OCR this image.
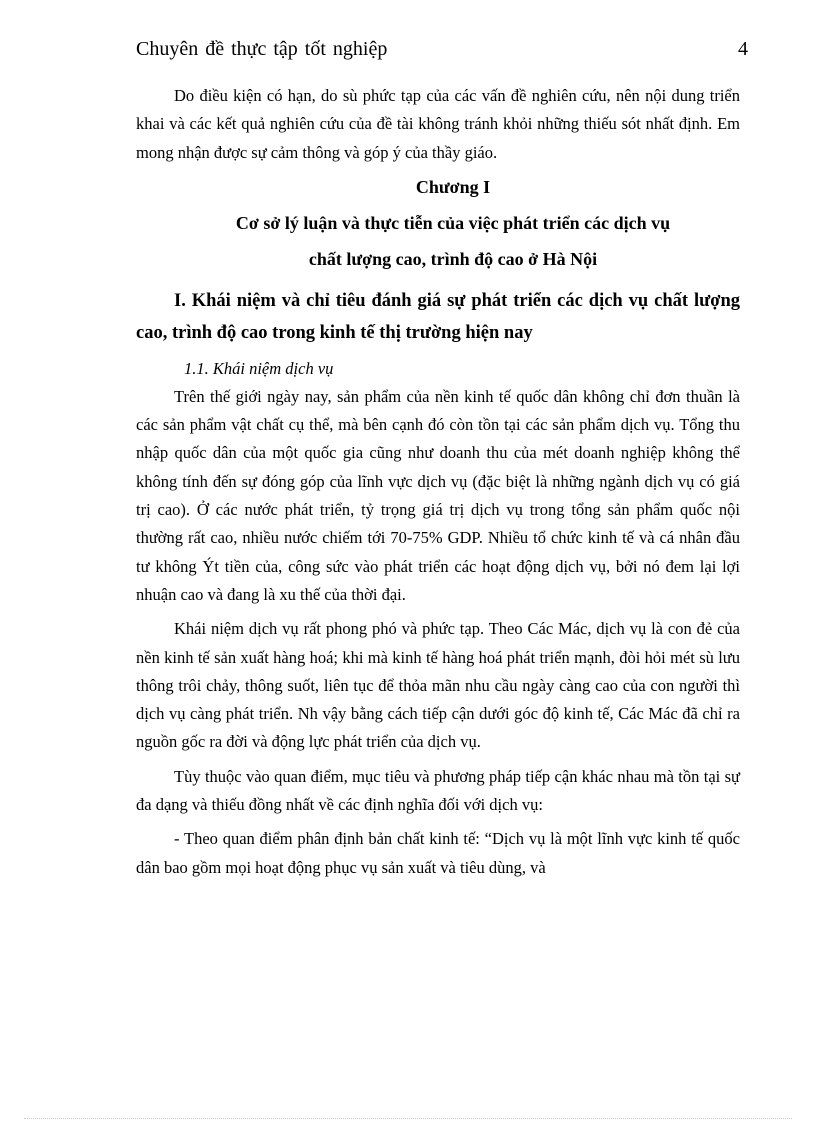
Chuyên đề thực tập tốt nghiệp	4

Do điều kiện có hạn, do sù phức tạp của các vấn đề nghiên cứu, nên nội dung triển khai và các kết quả nghiên cứu của đề tài không tránh khỏi những thiếu sót nhất định. Em mong nhận được sự cảm thông và góp ý của thầy giáo.

Chương I

Cơ sở lý luận và thực tiễn của việc phát triển các dịch vụ
chất lượng cao, trình độ cao ở Hà Nội

I. Khái niệm và chỉ tiêu đánh giá sự phát triển các dịch vụ chất lượng cao, trình độ cao trong kinh tế thị trường hiện nay

1.1. Khái niệm dịch vụ

Trên thế giới ngày nay, sản phẩm của nền kinh tế quốc dân không chỉ đơn thuần là các sản phẩm vật chất cụ thể, mà bên cạnh đó còn tồn tại các sản phẩm dịch vụ. Tổng thu nhập quốc dân của một quốc gia cũng như doanh thu của mét doanh nghiệp không thể không tính đến sự đóng góp của lĩnh vực dịch vụ (đặc biệt là những ngành dịch vụ có giá trị cao). Ở các nước phát triển, tỷ trọng giá trị dịch vụ trong tổng sản phẩm quốc nội thường rất cao, nhiều nước chiếm tới 70-75% GDP. Nhiều tổ chức kinh tế và cá nhân đầu tư không Ýt tiền của, công sức vào phát triển các hoạt động dịch vụ, bởi nó đem lại lợi nhuận cao và đang là xu thế của thời đại.

Khái niệm dịch vụ rất phong phó và phức tạp. Theo Các Mác, dịch vụ là con đẻ của nền kinh tế sản xuất hàng hoá; khi mà kinh tế hàng hoá phát triển mạnh, đòi hỏi mét sù lưu thông trôi chảy, thông suốt, liên tục để thỏa mãn nhu cầu ngày càng cao của con người thì dịch vụ càng phát triển. Nh vậy bằng cách tiếp cận dưới góc độ kinh tế, Các Mác đã chỉ ra nguồn gốc ra đời và động lực phát triển của dịch vụ.

Tùy thuộc vào quan điểm, mục tiêu và phương pháp tiếp cận khác nhau mà tồn tại sự đa dạng và thiếu đồng nhất về các định nghĩa đối với dịch vụ:

- Theo quan điểm phân định bản chất kinh tế: “Dịch vụ là một lĩnh vực kinh tế quốc dân bao gồm mọi hoạt động phục vụ sản xuất và tiêu dùng, và
